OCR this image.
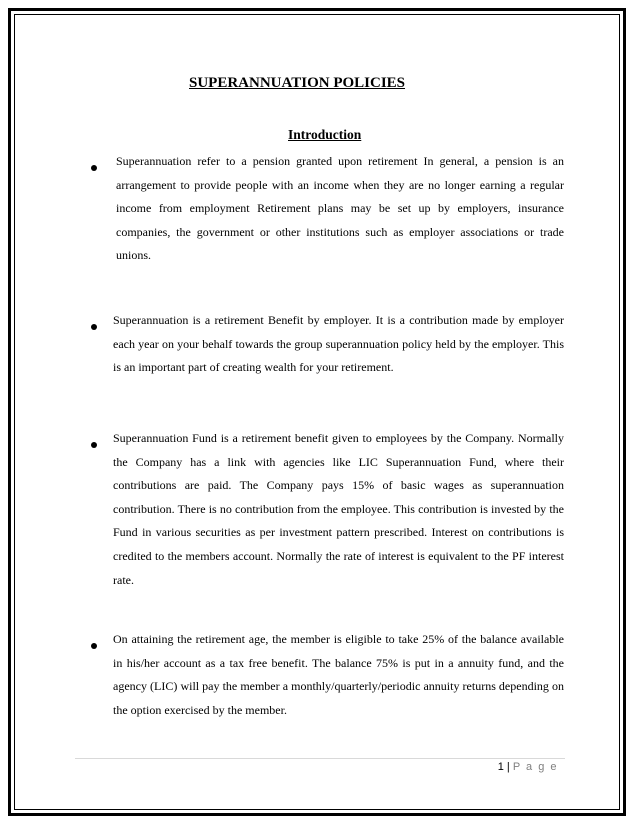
SUPERANNUATION POLICIES
Introduction

Superannuation refer to a pension granted upon retirement In general, a pension is an arrangement to provide people with an income when they are no longer earning a regular income from employment Retirement plans may be set up by employers, insurance companies, the government or other institutions such as employer associations or trade unions.

Superannuation is a retirement Benefit by employer. It is a contribution made by employer each year on your behalf towards the group superannuation policy held by the employer. This is an important part of creating wealth for your retirement.

Superannuation Fund is a retirement benefit given to employees by the Company. Normally the Company has a link with agencies like LIC Superannuation Fund, where their contributions are paid. The Company pays 15% of basic wages as superannuation contribution. There is no contribution from the employee. This contribution is invested by the Fund in various securities as per investment pattern prescribed. Interest on contributions is credited to the members account. Normally the rate of interest is equivalent to the PF interest rate.

On attaining the retirement age, the member is eligible to take 25% of the balance available in his/her account as a tax free benefit. The balance 75% is put in a annuity fund, and the agency (LIC) will pay the member a monthly/quarterly/periodic annuity returns depending on the option exercised by the member.

1 | P a g e
